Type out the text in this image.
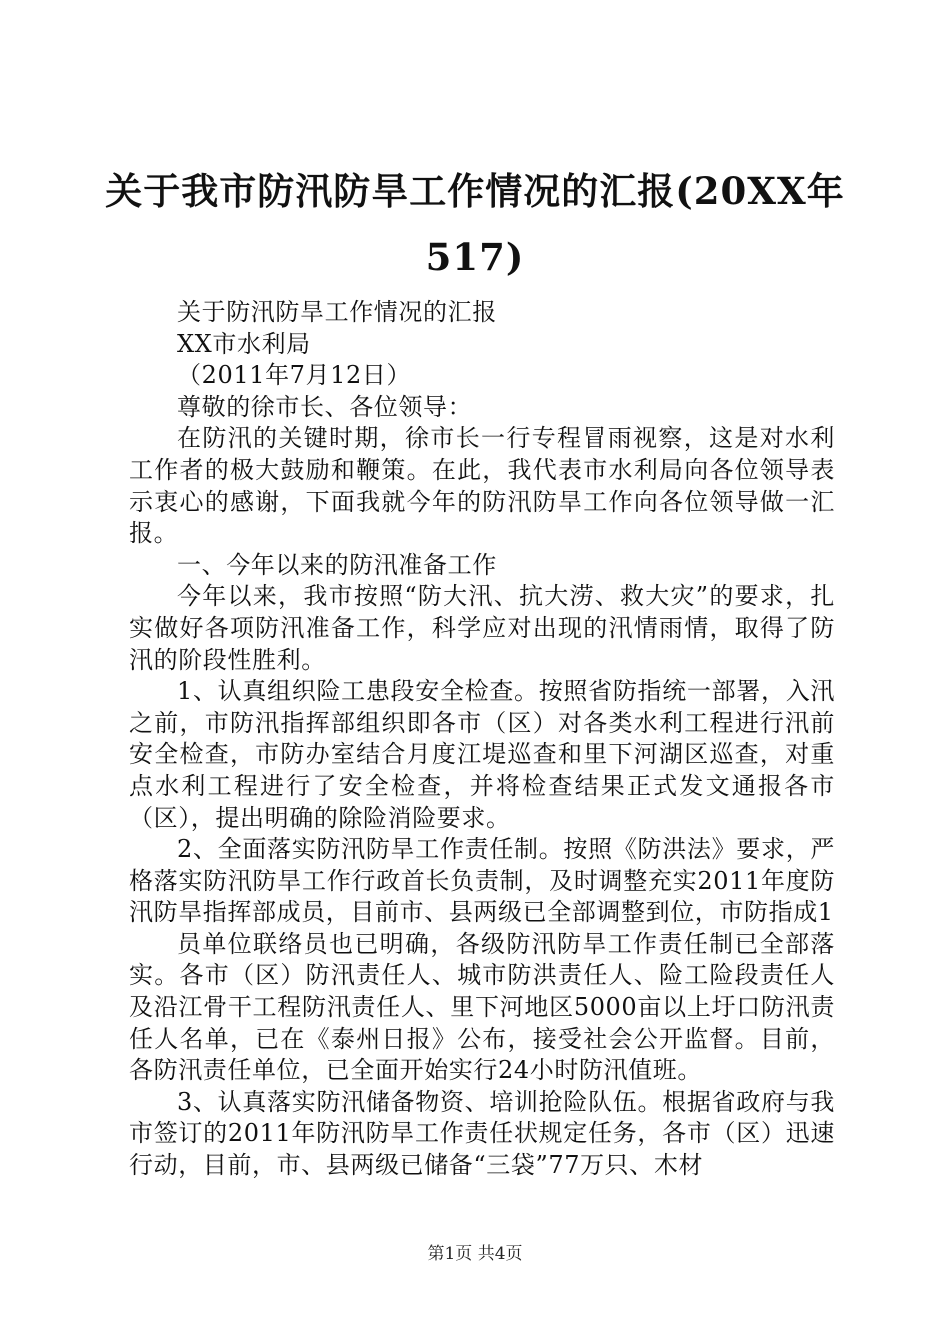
关于我市防汛防旱工作情况的汇报(20XX年517)

关于防汛防旱工作情况的汇报

XX市水利局

（2011年7月12日）

尊敬的徐市长、各位领导：

在防汛的关键时期，徐市长一行专程冒雨视察，这是对水利工作者的极大鼓励和鞭策。在此，我代表市水利局向各位领导表示衷心的感谢，下面我就今年的防汛防旱工作向各位领导做一汇报。

一、今年以来的防汛准备工作

今年以来，我市按照“防大汛、抗大涝、救大灾”的要求，扎实做好各项防汛准备工作，科学应对出现的汛情雨情，取得了防汛的阶段性胜利。

1、认真组织险工患段安全检查。按照省防指统一部署，入汛之前，市防汛指挥部组织即各市（区）对各类水利工程进行汛前安全检查，市防办室结合月度江堤巡查和里下河湖区巡查，对重点水利工程进行了安全检查，并将检查结果正式发文通报各市（区），提出明确的除险消险要求。

2、全面落实防汛防旱工作责任制。按照《防洪法》要求，严格落实防汛防旱工作行政首长负责制，及时调整充实2011年度防汛防旱指挥部成员，目前市、县两级已全部调整到位，市防指成1

员单位联络员也已明确，各级防汛防旱工作责任制已全部落实。各市（区）防汛责任人、城市防洪责任人、险工险段责任人及沿江骨干工程防汛责任人、里下河地区5000亩以上圩口防汛责任人名单，已在《泰州日报》公布，接受社会公开监督。目前，各防汛责任单位，已全面开始实行24小时防汛值班。

3、认真落实防汛储备物资、培训抢险队伍。根据省政府与我市签订的2011年防汛防旱工作责任状规定任务，各市（区）迅速行动，目前，市、县两级已储备“三袋”77万只、木材

第1页 共4页
